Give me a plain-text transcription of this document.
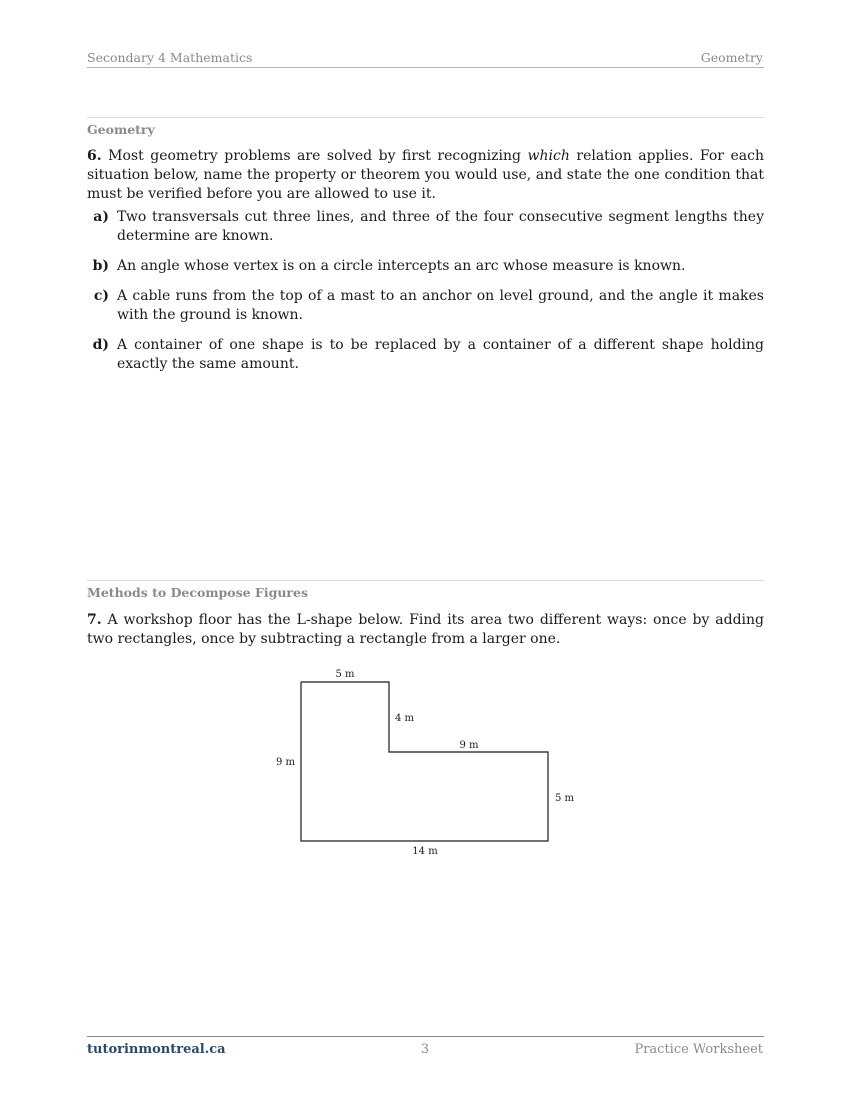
Secondary 4 Mathematics	Geometry
Geometry
6. Most geometry problems are solved by first recognizing which relation applies. For each situation below, name the property or theorem you would use, and state the one condition that must be verified before you are allowed to use it.
a) Two transversals cut three lines, and three of the four consecutive segment lengths they determine are known.
b) An angle whose vertex is on a circle intercepts an arc whose measure is known.
c) A cable runs from the top of a mast to an anchor on level ground, and the angle it makes with the ground is known.
d) A container of one shape is to be replaced by a container of a different shape holding exactly the same amount.
Methods to Decompose Figures
7. A workshop floor has the L-shape below. Find its area two different ways: once by adding two rectangles, once by subtracting a rectangle from a larger one.
5 m
4 m
9 m
9 m
5 m
14 m
tutorinmontreal.ca	3	Practice Worksheet
